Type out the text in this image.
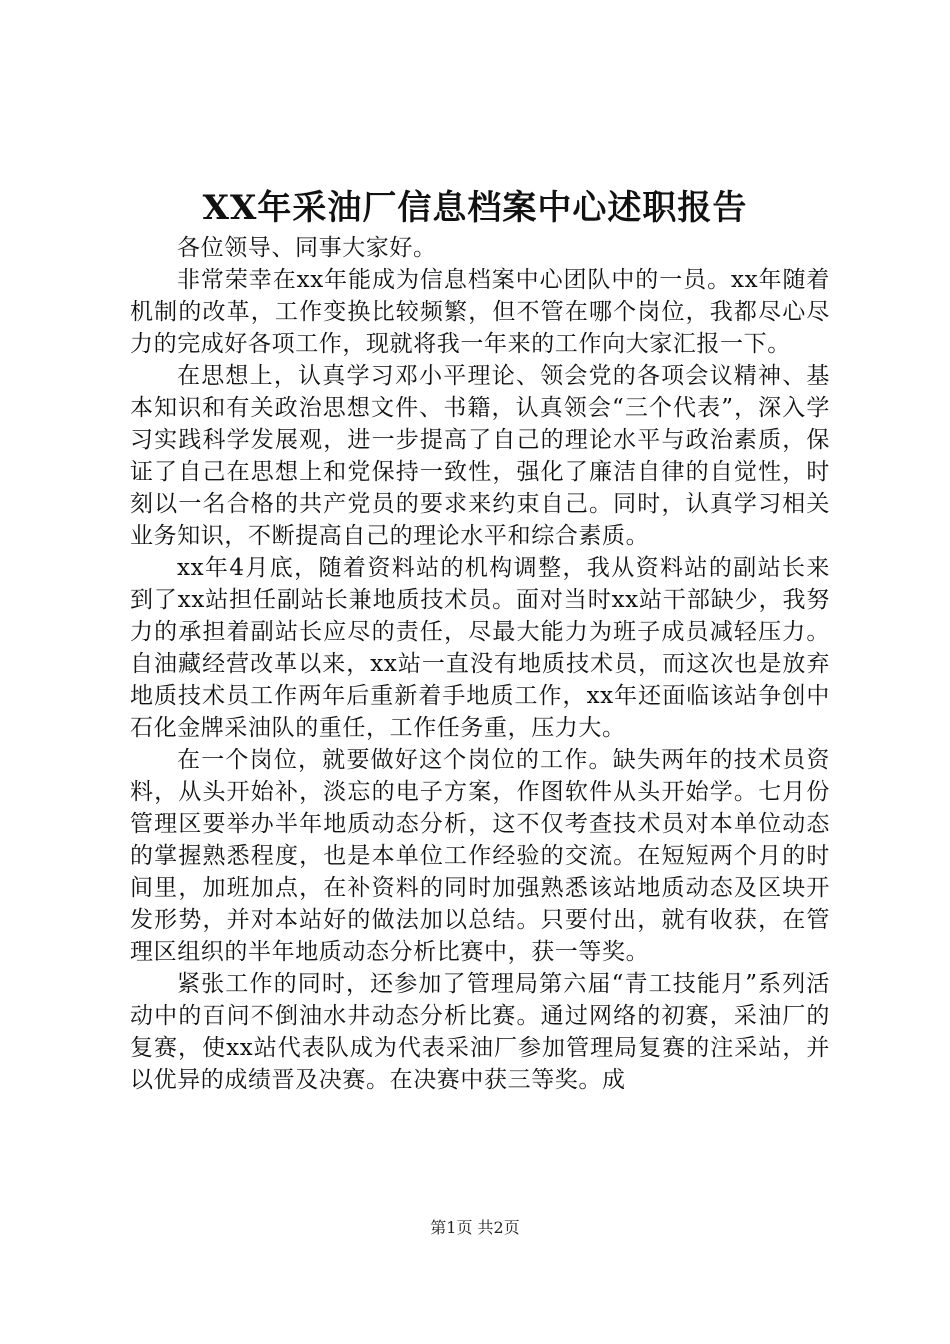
XX年采油厂信息档案中心述职报告

各位领导、同事大家好。

非常荣幸在xx年能成为信息档案中心团队中的一员。xx年随着机制的改革，工作变换比较频繁，但不管在哪个岗位，我都尽心尽力的完成好各项工作，现就将我一年来的工作向大家汇报一下。

在思想上，认真学习邓小平理论、领会党的各项会议精神、基本知识和有关政治思想文件、书籍，认真领会“三个代表”，深入学习实践科学发展观，进一步提高了自己的理论水平与政治素质，保证了自己在思想上和党保持一致性，强化了廉洁自律的自觉性，时刻以一名合格的共产党员的要求来约束自己。同时，认真学习相关业务知识，不断提高自己的理论水平和综合素质。

xx年4月底，随着资料站的机构调整，我从资料站的副站长来到了xx站担任副站长兼地质技术员。面对当时xx站干部缺少，我努力的承担着副站长应尽的责任，尽最大能力为班子成员减轻压力。自油藏经营改革以来，xx站一直没有地质技术员，而这次也是放弃地质技术员工作两年后重新着手地质工作，xx年还面临该站争创中石化金牌采油队的重任，工作任务重，压力大。

在一个岗位，就要做好这个岗位的工作。缺失两年的技术员资料，从头开始补，淡忘的电子方案，作图软件从头开始学。七月份管理区要举办半年地质动态分析，这不仅考查技术员对本单位动态的掌握熟悉程度，也是本单位工作经验的交流。在短短两个月的时间里，加班加点，在补资料的同时加强熟悉该站地质动态及区块开发形势，并对本站好的做法加以总结。只要付出，就有收获，在管理区组织的半年地质动态分析比赛中，获一等奖。

紧张工作的同时，还参加了管理局第六届“青工技能月”系列活动中的百问不倒油水井动态分析比赛。通过网络的初赛，采油厂的复赛，使xx站代表队成为代表采油厂参加管理局复赛的注采站，并以优异的成绩晋及决赛。在决赛中获三等奖。成

第1页 共2页
